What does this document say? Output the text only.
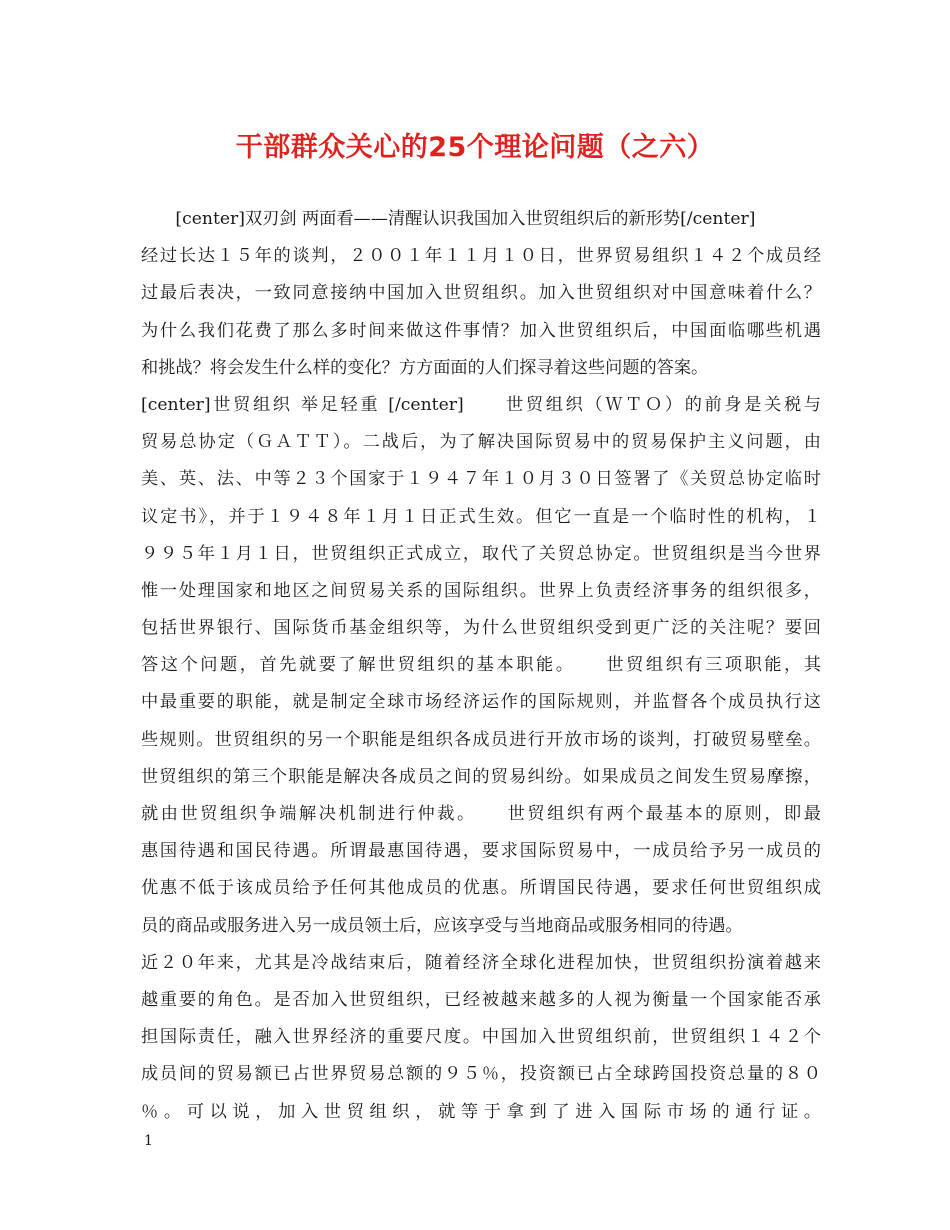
干部群众关心的25个理论问题（之六）
　　[center]双刃剑 两面看——清醒认识我国加入世贸组织后的新形势[/center]
经过长达１５年的谈判，２００１年１１月１０日，世界贸易组织１４２个成员经
过最后表决，一致同意接纳中国加入世贸组织。加入世贸组织对中国意味着什么？
为什么我们花费了那么多时间来做这件事情？加入世贸组织后，中国面临哪些机遇
和挑战？将会发生什么样的变化？方方面面的人们探寻着这些问题的答案。
[center]世贸组织 举足轻重 [/center]　　世贸组织（ＷＴＯ）的前身是关税与
贸易总协定（ＧＡＴＴ）。二战后，为了解决国际贸易中的贸易保护主义问题，由
美、英、法、中等２３个国家于１９４７年１０月３０日签署了《关贸总协定临时
议定书》，并于１９４８年１月１日正式生效。但它一直是一个临时性的机构，１
９９５年１月１日，世贸组织正式成立，取代了关贸总协定。世贸组织是当今世界
惟一处理国家和地区之间贸易关系的国际组织。世界上负责经济事务的组织很多，
包括世界银行、国际货币基金组织等，为什么世贸组织受到更广泛的关注呢？要回
答这个问题，首先就要了解世贸组织的基本职能。　　世贸组织有三项职能，其
中最重要的职能，就是制定全球市场经济运作的国际规则，并监督各个成员执行这
些规则。世贸组织的另一个职能是组织各成员进行开放市场的谈判，打破贸易壁垒。
世贸组织的第三个职能是解决各成员之间的贸易纠纷。如果成员之间发生贸易摩擦，
就由世贸组织争端解决机制进行仲裁。　　世贸组织有两个最基本的原则，即最
惠国待遇和国民待遇。所谓最惠国待遇，要求国际贸易中，一成员给予另一成员的
优惠不低于该成员给予任何其他成员的优惠。所谓国民待遇，要求任何世贸组织成
员的商品或服务进入另一成员领土后，应该享受与当地商品或服务相同的待遇。
近２０年来，尤其是冷战结束后，随着经济全球化进程加快，世贸组织扮演着越来
越重要的角色。是否加入世贸组织，已经被越来越多的人视为衡量一个国家能否承
担国际责任，融入世界经济的重要尺度。中国加入世贸组织前，世贸组织１４２个
成员间的贸易额已占世界贸易总额的９５％，投资额已占全球跨国投资总量的８０
％。可以说，加入世贸组织，就等于拿到了进入国际市场的通行证。
1
